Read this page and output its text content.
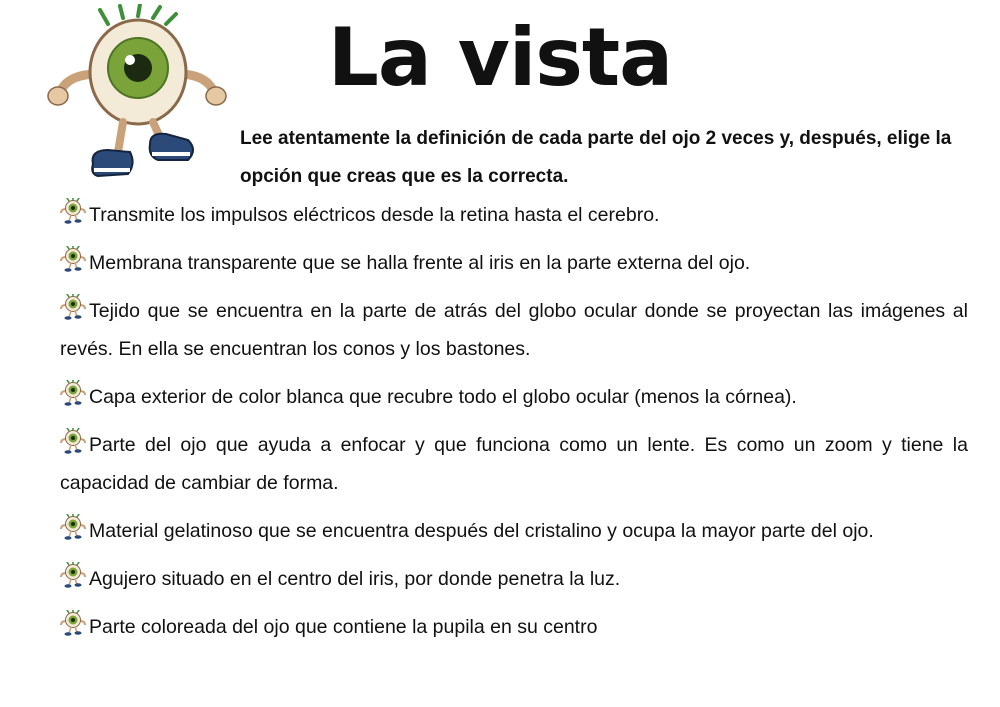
La vista

Lee atentamente la definición de cada parte del ojo 2 veces y, después, elige la opción que creas que es la correcta.

Transmite los impulsos eléctricos desde la retina hasta el cerebro.
Membrana transparente que se halla frente al iris en la parte externa del ojo.
Tejido que se encuentra en la parte de atrás del globo ocular donde se proyectan las imágenes al revés. En ella se encuentran los conos y los bastones.
Capa exterior de color blanca que recubre todo el globo ocular (menos la córnea).
Parte del ojo que ayuda a enfocar y que funciona como un lente. Es como un zoom y tiene la capacidad de cambiar de forma.
Material gelatinoso que se encuentra después del cristalino y ocupa la mayor parte del ojo.
Agujero situado en el centro del iris, por donde penetra la luz.
Parte coloreada del ojo que contiene la pupila en su centro
